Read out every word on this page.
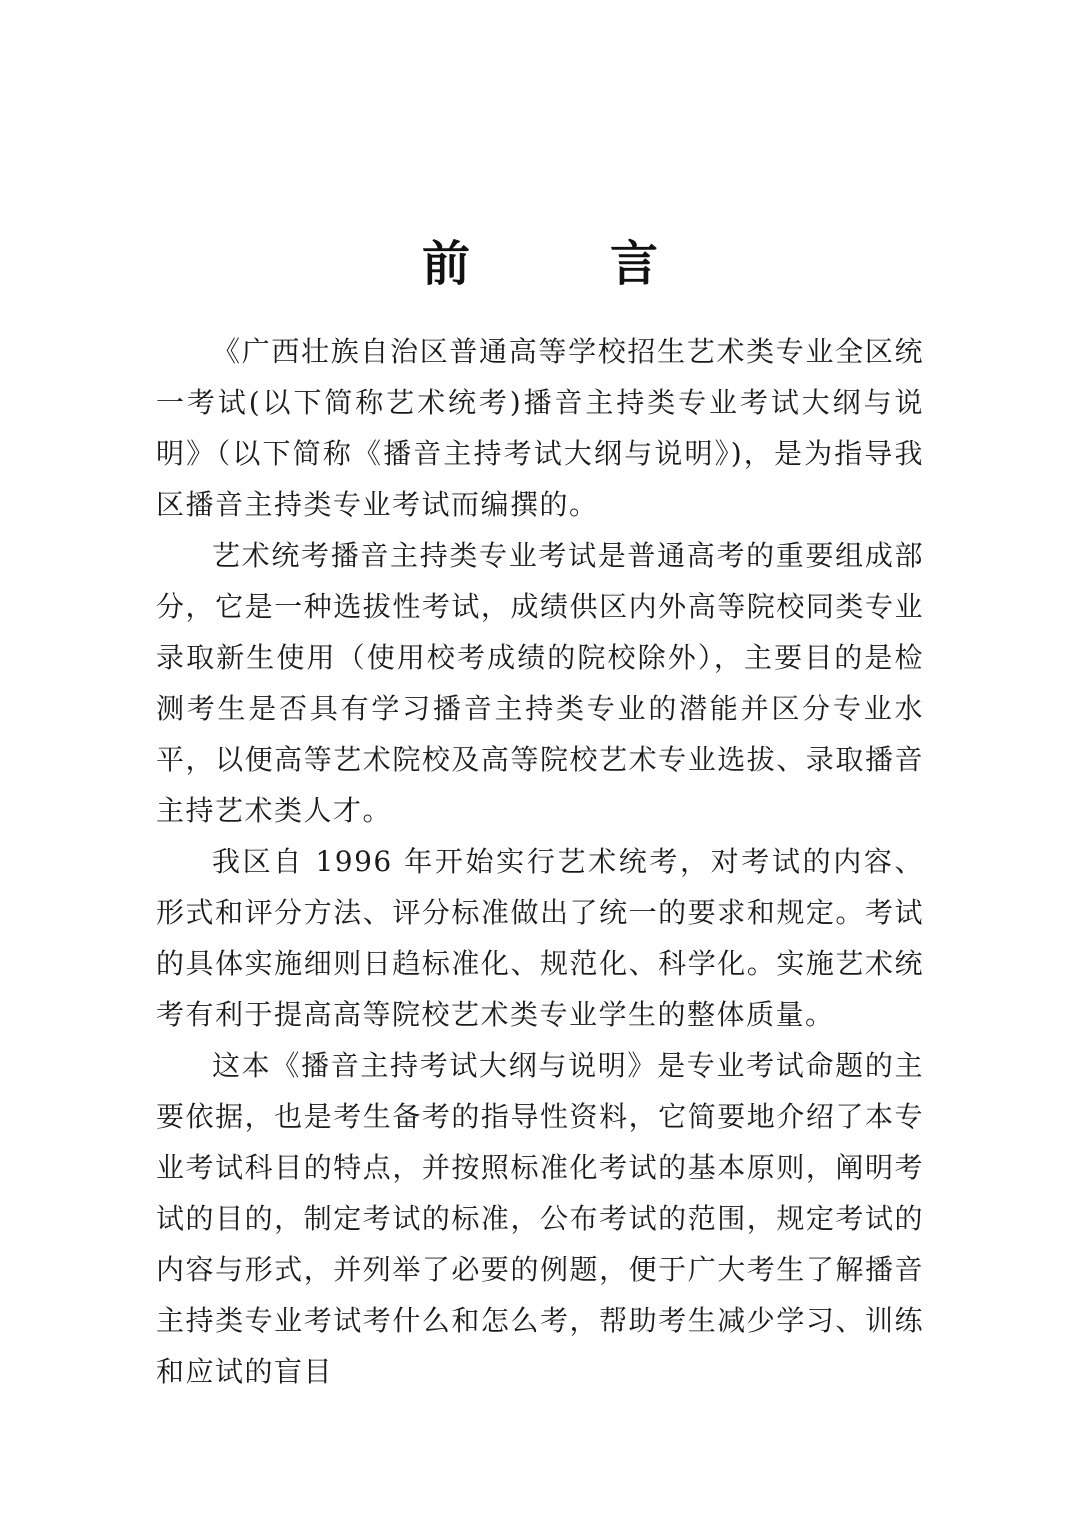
前　言

《广西壮族自治区普通高等学校招生艺术类专业全区统一考试(以下简称艺术统考)播音主持类专业考试大纲与说明》（以下简称《播音主持考试大纲与说明》)，是为指导我区播音主持类专业考试而编撰的。

艺术统考播音主持类专业考试是普通高考的重要组成部分，它是一种选拔性考试，成绩供区内外高等院校同类专业录取新生使用（使用校考成绩的院校除外），主要目的是检测考生是否具有学习播音主持类专业的潜能并区分专业水平，以便高等艺术院校及高等院校艺术专业选拔、录取播音主持艺术类人才。

我区自 1996 年开始实行艺术统考，对考试的内容、形式和评分方法、评分标准做出了统一的要求和规定。考试的具体实施细则日趋标准化、规范化、科学化。实施艺术统考有利于提高高等院校艺术类专业学生的整体质量。

这本《播音主持考试大纲与说明》是专业考试命题的主要依据，也是考生备考的指导性资料，它简要地介绍了本专业考试科目的特点，并按照标准化考试的基本原则，阐明考试的目的，制定考试的标准，公布考试的范围，规定考试的内容与形式，并列举了必要的例题，便于广大考生了解播音主持类专业考试考什么和怎么考，帮助考生减少学习、训练和应试的盲目
